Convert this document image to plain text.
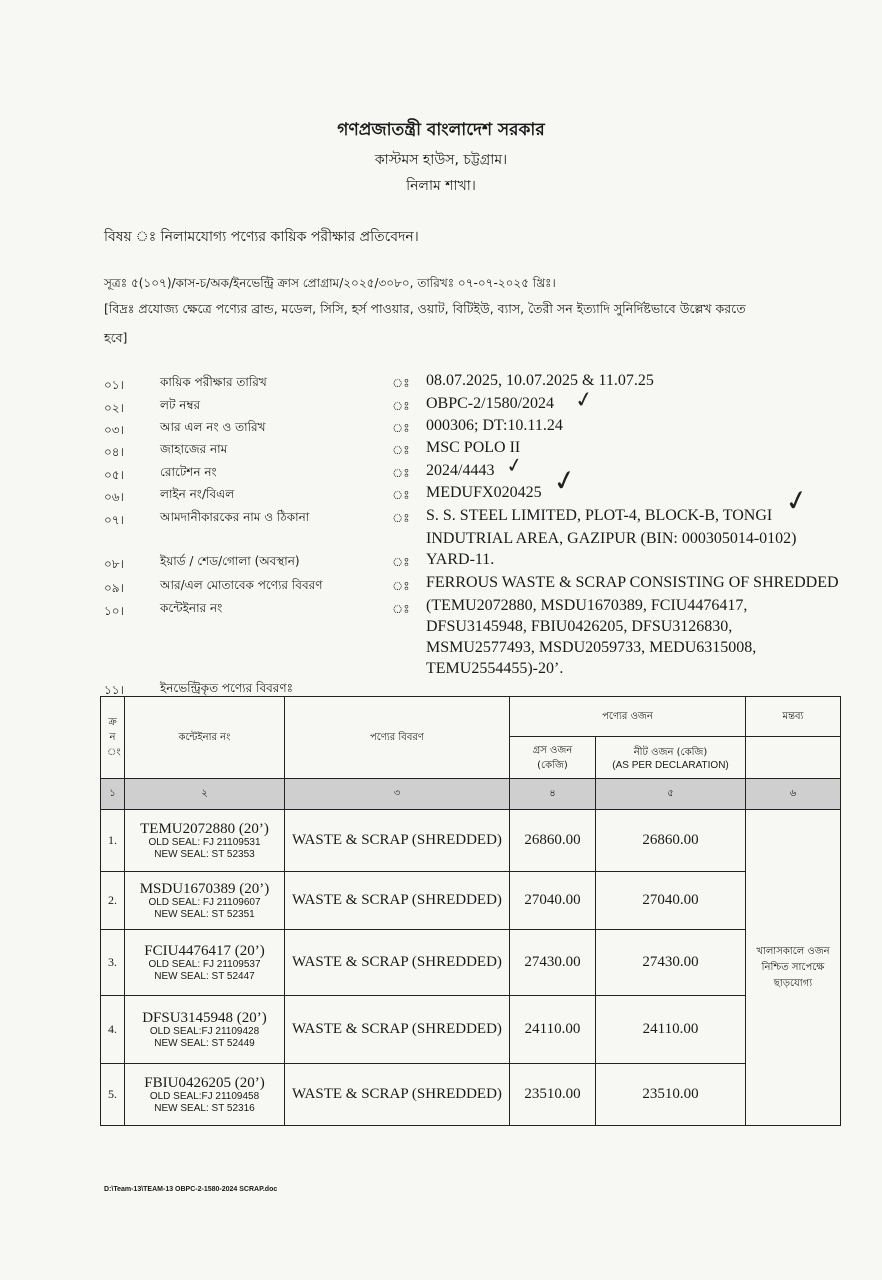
গণপ্রজাতন্ত্রী বাংলাদেশ সরকার
কাস্টমস হাউস, চট্টগ্রাম।
নিলাম শাখা।
বিষয় ঃ নিলামযোগ্য পণ্যের কায়িক পরীক্ষার প্রতিবেদন।
সূত্রঃ ৫(১০৭)/কাস-চ/অক/ইনভেন্ট্রি ক্রাস প্রোগ্রাম/২০২৫/৩০৮০, তারিখঃ ০৭-০৭-২০২৫ খ্রিঃ।
[বিদ্রঃ প্রযোজ্য ক্ষেত্রে পণ্যের ব্রান্ড, মডেল, সিসি, হর্স পাওয়ার, ওয়াট, বিটিইউ, ব্যাস, তৈরী সন ইত্যাদি সুনির্দিষ্টভাবে উল্লেখ করতে
হবে]
০১।	কায়িক পরীক্ষার তারিখ	ঃ 08.07.2025, 10.07.2025 & 11.07.25
০২।	লট নম্বর	ঃ OBPC-2/1580/2024
০৩।	আর এল নং ও তারিখ	ঃ 000306; DT:10.11.24
০৪।	জাহাজের নাম	ঃ MSC POLO II
০৫।	রোটেশন নং	ঃ 2024/4443
০৬।	লাইন নং/বিএল	ঃ MEDUFX020425
০৭।	আমদানীকারকের নাম ও ঠিকানা	ঃ S. S. STEEL LIMITED, PLOT-4, BLOCK-B, TONGI
INDUTRIAL AREA, GAZIPUR (BIN: 000305014-0102)
০৮।	ইয়ার্ড / শেড/গোলা (অবস্থান)	ঃ YARD-11.
০৯।	আর/এল মোতাবেক পণ্যের বিবরণ	ঃ FERROUS WASTE & SCRAP CONSISTING OF SHREDDED
১০।	কন্টেইনার নং	ঃ (TEMU2072880, MSDU1670389, FCIU4476417,
DFSU3145948, FBIU0426205, DFSU3126830,
MSMU2577493, MSDU2059733, MEDU6315008,
TEMU2554455)-20’.
✓
✓ ✓
✓
১১।	ইনভেন্ট্রিকৃত পণ্যের বিবরণঃ
ক্র ন ং	কন্টেইনার নং	পণ্যের বিবরণ	পণ্যের ওজন		মন্তব্য
			গ্রস ওজন (কেজি)	নীট ওজন (কেজি)
(AS PER DECLARATION)	

১	২	৩	৪	৫	৬
1.	TEMU2072880 (20’)
OLD SEAL: FJ 21109531
NEW SEAL: ST 52353	WASTE & SCRAP (SHREDDED)	26860.00	26860.00	খালাসকালে ওজন নিশ্চিত সাপেক্ষে ছাড়যোগ্য
2.	MSDU1670389 (20’)
OLD SEAL: FJ 21109607
NEW SEAL: ST 52351	WASTE & SCRAP (SHREDDED)	27040.00	27040.00	
3.	FCIU4476417 (20’)
OLD SEAL: FJ 21109537
NEW SEAL: ST 52447	WASTE & SCRAP (SHREDDED)	27430.00	27430.00	
4.	DFSU3145948 (20’)
OLD SEAL:FJ 21109428
NEW SEAL: ST 52449	WASTE & SCRAP (SHREDDED)	24110.00	24110.00	
5.	FBIU0426205 (20’)
OLD SEAL:FJ 21109458
NEW SEAL: ST 52316	WASTE & SCRAP (SHREDDED)	23510.00	23510.00	
D:\Team-13\TEAM-13 OBPC-2-1580-2024 SCRAP.doc
